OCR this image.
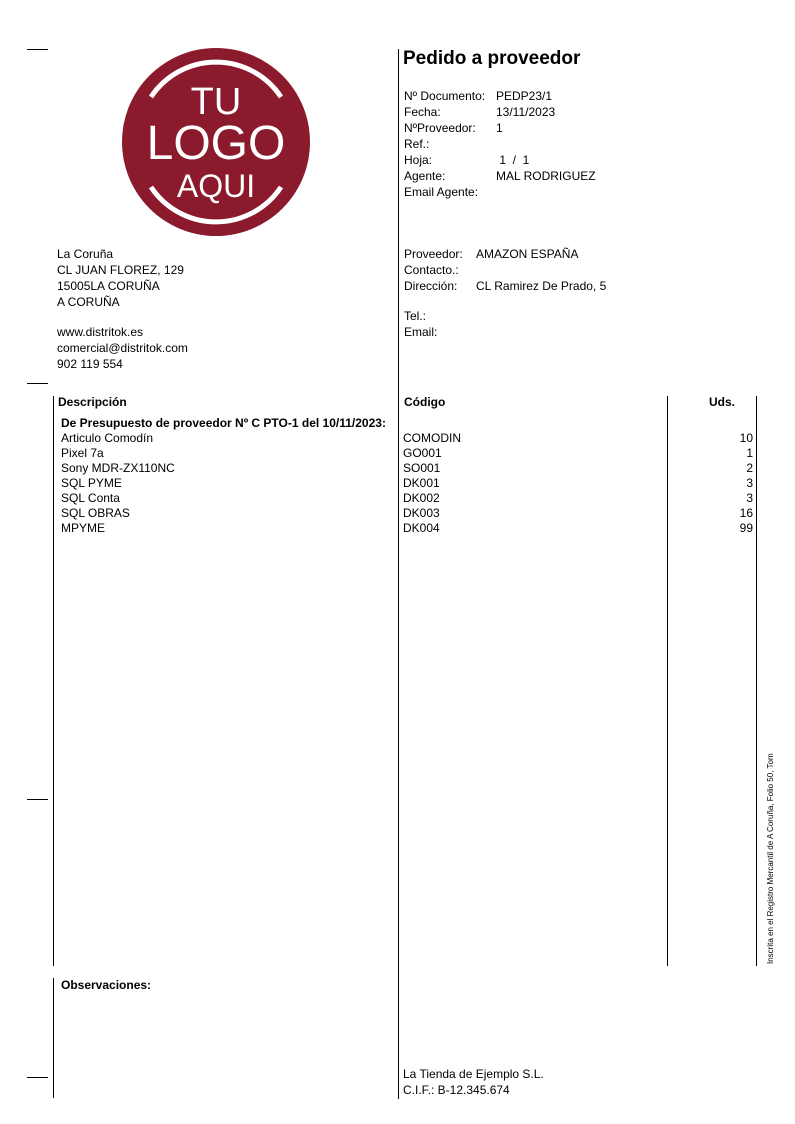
TU
LOGO
AQUI
La Coruña
CL JUAN FLOREZ, 129
15005LA CORUÑA
A CORUÑA
www.distritok.es
comercial@distritok.com
902 119 554
Pedido a proveedor
Nº Documento: PEDP23/1
Fecha:	13/11/2023
NºProveedor: 1
Ref.:
Hoja:	1  /  1
Agente:	MAL RODRIGUEZ
Email Agente:
Proveedor: AMAZON ESPAÑA
Contacto.:
Dirección: CL Ramirez De Prado, 5
Tel.:
Email:
Descripción	Código	Uds.
De Presupuesto de proveedor Nº C PTO-1 del 10/11/2023:
Articulo Comodín	COMODIN	10
Pixel 7a	GO001	1
Sony MDR-ZX110NC	SO001	2
SQL PYME	DK001	3
SQL Conta	DK002	3
SQL OBRAS	DK003	16
MPYME	DK004	99
Inscrita en el Registro Mercantil de A Coruña, Folio 50, Tom
Observaciones:
La Tienda de Ejemplo S.L.
C.I.F.: B-12.345.674
